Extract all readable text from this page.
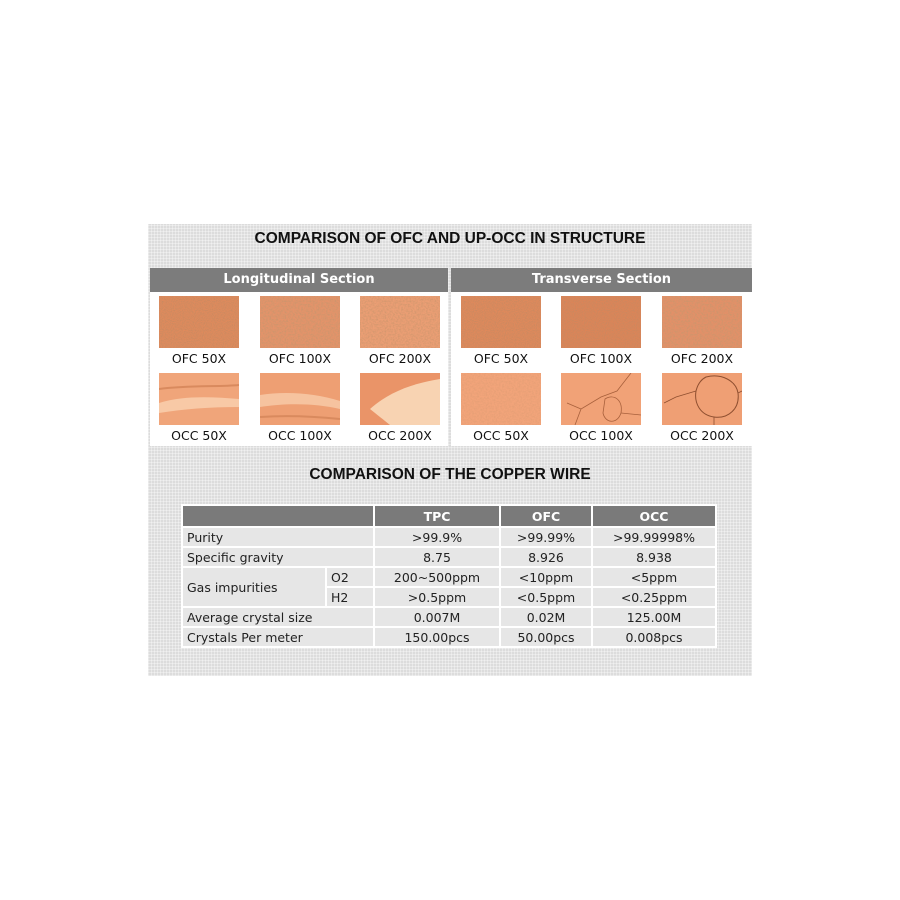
COMPARISON OF OFC AND UP-OCC IN STRUCTURE
Longitudinal Section	Transverse Section
OFC 50X	OFC 100X	OFC 200X
OCC 50X	OCC 100X	OCC 200X
OFC 50X	OFC 100X	OFC 200X
OCC 50X	OCC 100X	OCC 200X
COMPARISON OF THE COPPER WIRE
		TPC	OFC	OCC
Purity		>99.9%	>99.99%	>99.99998%
Specific gravity		8.75	8.926	8.938
Gas impurities	O2	200~500ppm	<10ppm	<5ppm
	H2	>0.5ppm	<0.5ppm	<0.25ppm
Average crystal size		0.007M	0.02M	125.00M
Crystals Per meter		150.00pcs	50.00pcs	0.008pcs
